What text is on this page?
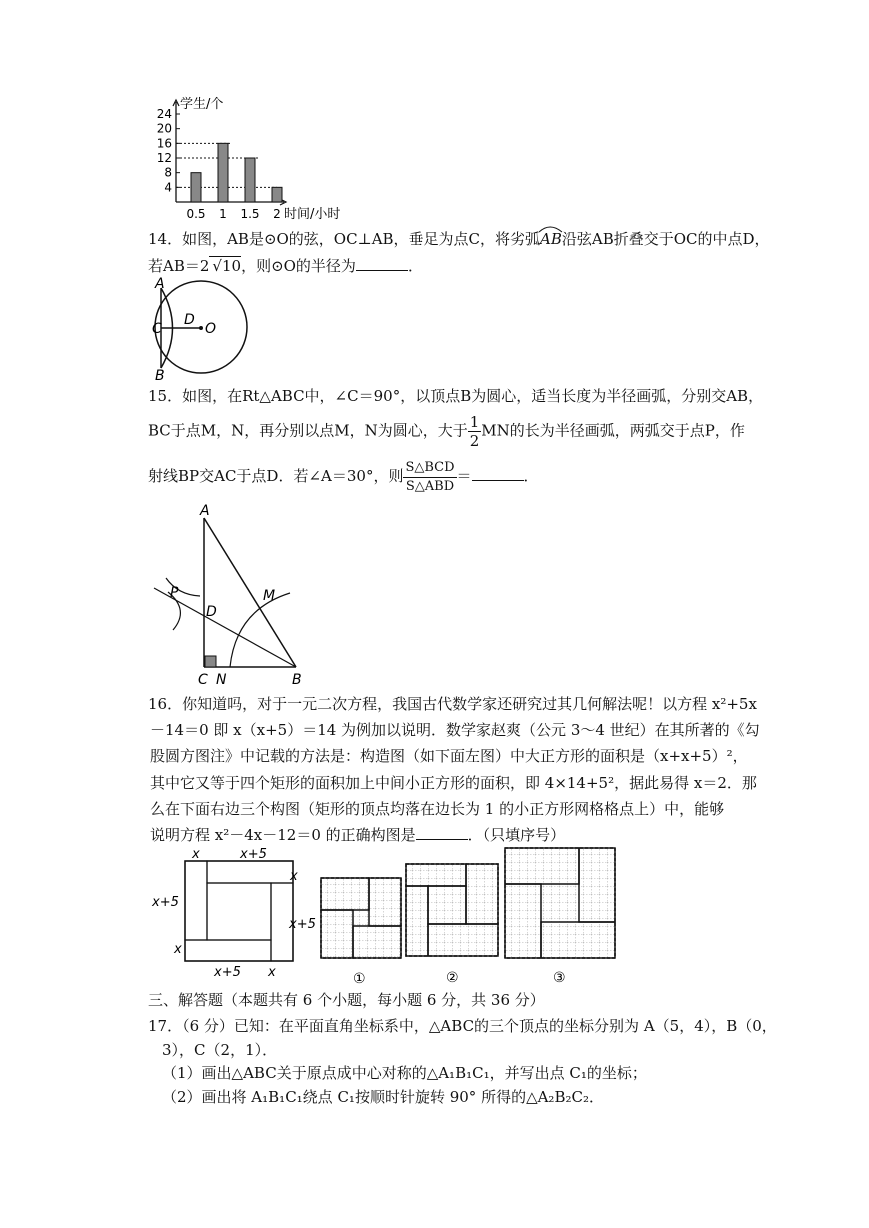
24
20
16
12
8
4
0.5 1 1.5 2
学生/个
时间/小时
14．如图，AB是⊙O的弦，OC⊥AB，垂足为点C，将劣弧AB
沿弦AB折叠交于OC的中点D，
若AB＝2 √10，则⊙O的半径为	．
A
B
C
D
O
15．如图，在Rt△ABC中，∠C＝90°，以顶点B为圆心，适当长度为半径画弧，分别交AB，
BC于点M，N，再分别以点M，N为圆心，大于 $\frac{1}{2}$ MN的长为半径画弧，两弧交于点P，作
射线BP交AC于点D．若∠A＝30°，则 $\frac{\text{S△BCD}}{\text{S△ABD}}$ ＝	．
A
B
C
D
M
N
P
16．你知道吗，对于一元二次方程，我国古代数学家还研究过其几何解法呢！以方程 x²+5x
－14＝0 即 x（x+5）＝14 为例加以说明．数学家赵爽（公元 3～4 世纪）在其所著的《勾
股圆方图注》中记载的方法是：构造图（如下面左图）中大正方形的面积是（x+x+5）²，
其中它又等于四个矩形的面积加上中间小正方形的面积，即 4×14+5²，据此易得 x＝2．那
么在下面右边三个构图（矩形的顶点均落在边长为 1 的小正方形网格格点上）中，能够
说明方程 x²－4x－12＝0 的正确构图是	．（只填序号）
x	x+5
x
x+5
x+5
x
x+5 x	①	②	③
三、解答题（本题共有 6 个小题，每小题 6 分，共 36 分）
17．（6 分）已知：在平面直角坐标系中，△ABC的三个顶点的坐标分别为 A（5，4），B（0，
3），C（2，1）．
（1）画出△ABC关于原点成中心对称的△A₁B₁C₁，并写出点 C₁的坐标；
（2）画出将 A₁B₁C₁绕点 C₁按顺时针旋转 90° 所得的△A₂B₂C₂．
